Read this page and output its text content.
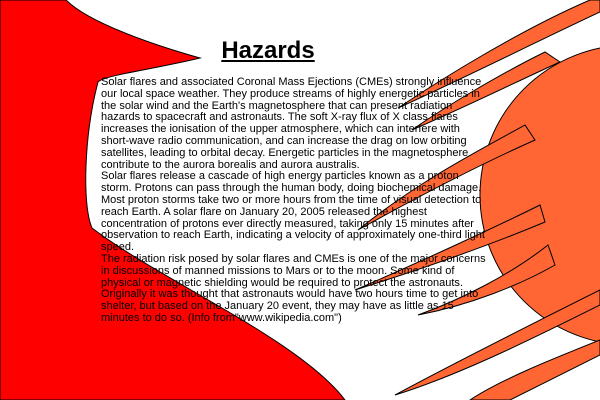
Hazards

Solar flares and associated Coronal Mass Ejections (CMEs) strongly influence our local space weather. They produce streams of highly energetic particles in the solar wind and the Earth's magnetosphere that can present radiation hazards to spacecraft and astronauts. The soft X-ray flux of X class flares increases the ionisation of the upper atmosphere, which can interfere with short-wave radio communication, and can increase the drag on low orbiting satellites, leading to orbital decay. Energetic particles in the magnetosphere contribute to the aurora borealis and aurora australis.

Solar flares release a cascade of high energy particles known as a proton storm. Protons can pass through the human body, doing biochemical damage. Most proton storms take two or more hours from the time of visual detection to reach Earth. A solar flare on January 20, 2005 released the highest concentration of protons ever directly measured, taking only 15 minutes after observation to reach Earth, indicating a velocity of approximately one-third light speed.

The radiation risk posed by solar flares and CMEs is one of the major concerns in discussions of manned missions to Mars or to the moon. Some kind of physical or magnetic shielding would be required to protect the astronauts. Originally it was thought that astronauts would have two hours time to get into shelter, but based on the January 20 event, they may have as little as 15 minutes to do so. (Info from"www.wikipedia.com")
